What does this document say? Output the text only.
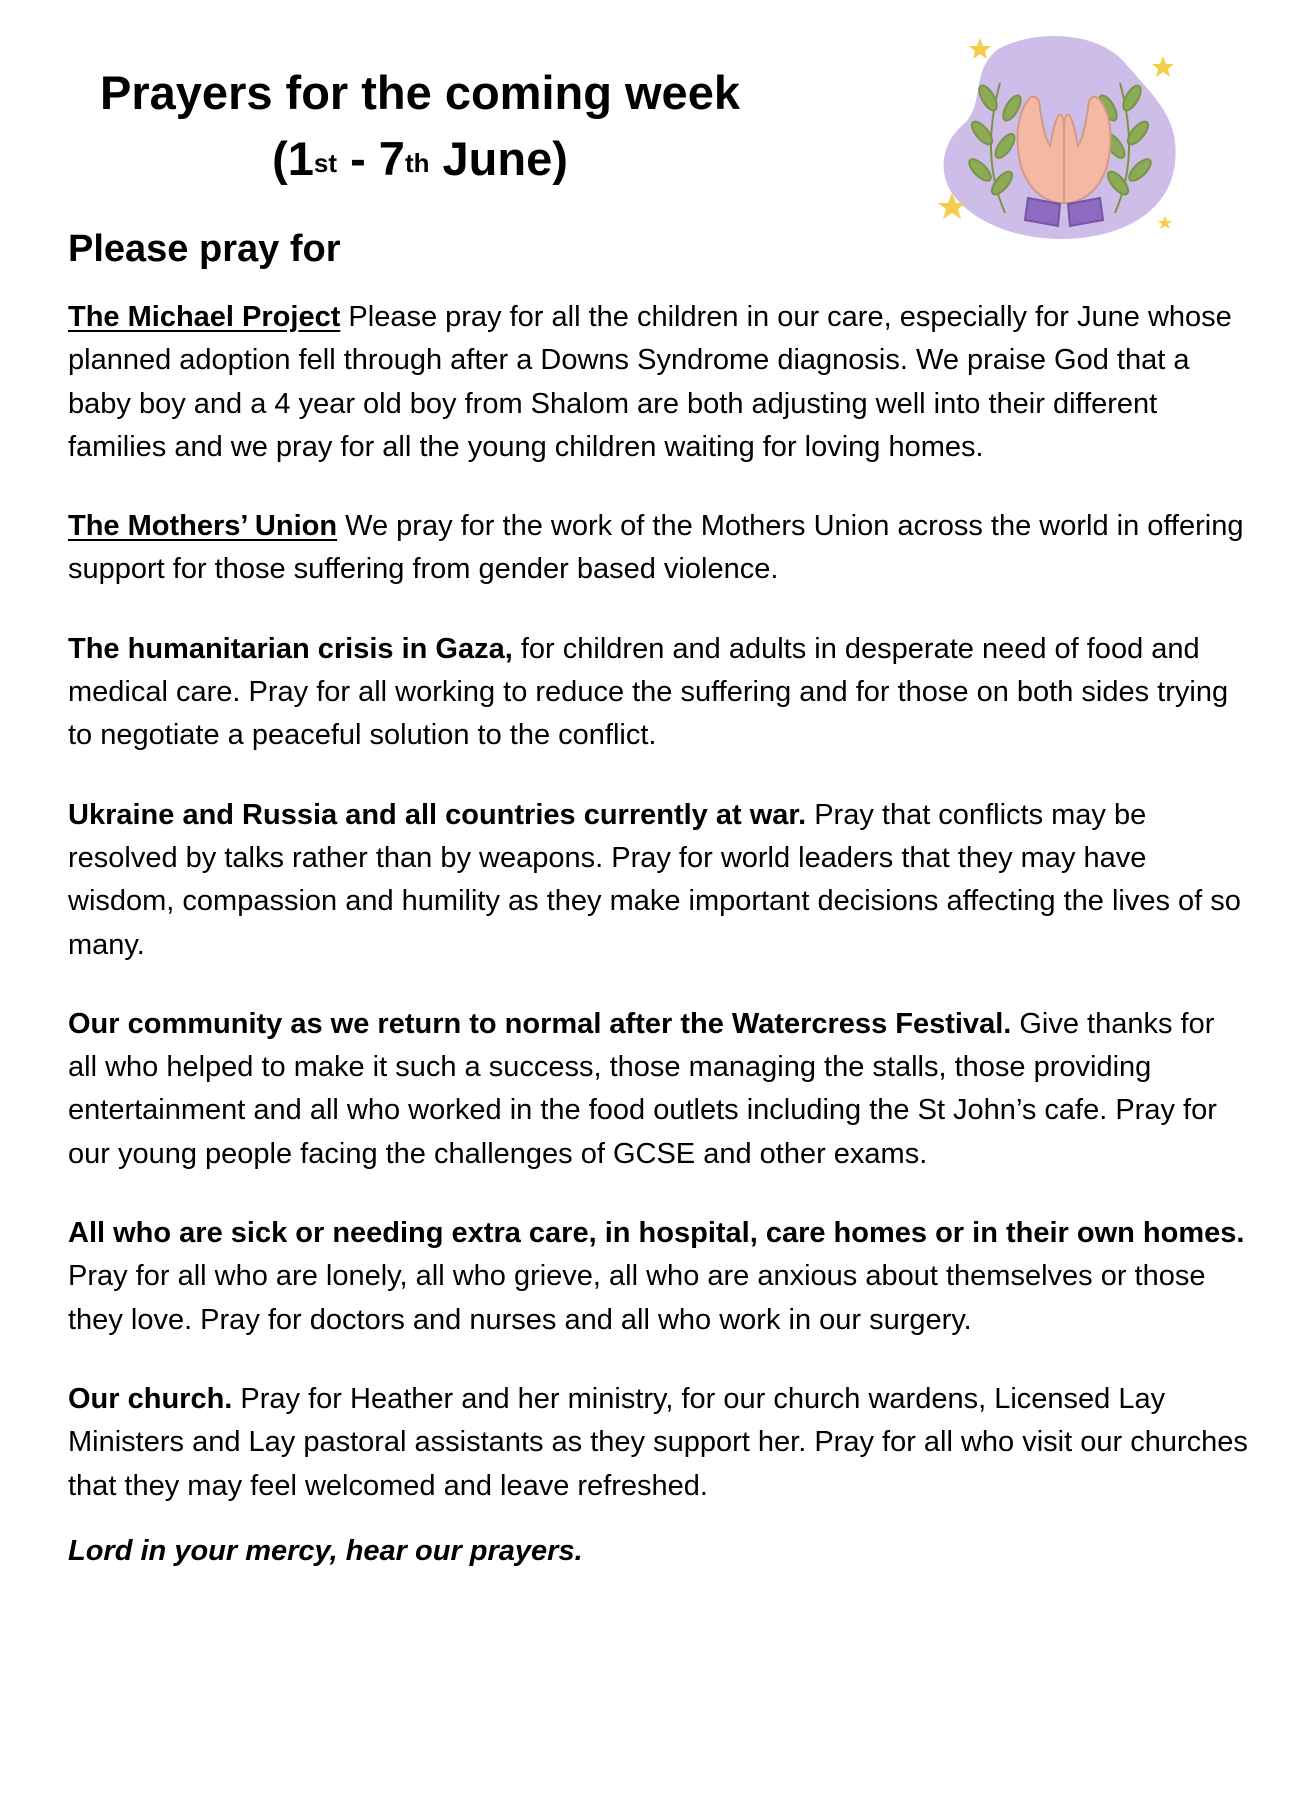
Prayers for the coming week
(1st - 7th June)
Please pray for

The Michael Project Please pray for all the children in our care, especially for June whose planned adoption fell through after a Downs Syndrome diagnosis. We praise God that a baby boy and a 4 year old boy from Shalom are both adjusting well into their different families and we pray for all the young children waiting for loving homes.

The Mothers’ Union We pray for the work of the Mothers Union across the world in offering support for those suffering from gender based violence.

The humanitarian crisis in Gaza, for children and adults in desperate need of food and medical care. Pray for all working to reduce the suffering and for those on both sides trying to negotiate a peaceful solution to the conflict.

Ukraine and Russia and all countries currently at war. Pray that conflicts may be resolved by talks rather than by weapons. Pray for world leaders that they may have wisdom, compassion and humility as they make important decisions affecting the lives of so many.

Our community as we return to normal after the Watercress Festival. Give thanks for all who helped to make it such a success, those managing the stalls, those providing entertainment and all who worked in the food outlets including the St John’s cafe. Pray for our young people facing the challenges of GCSE and other exams.

All who are sick or needing extra care, in hospital, care homes or in their own homes. Pray for all who are lonely, all who grieve, all who are anxious about themselves or those they love. Pray for doctors and nurses and all who work in our surgery.

Our church. Pray for Heather and her ministry, for our church wardens, Licensed Lay Ministers and Lay pastoral assistants as they support her. Pray for all who visit our churches that they may feel welcomed and leave refreshed.

Lord in your mercy, hear our prayers.
